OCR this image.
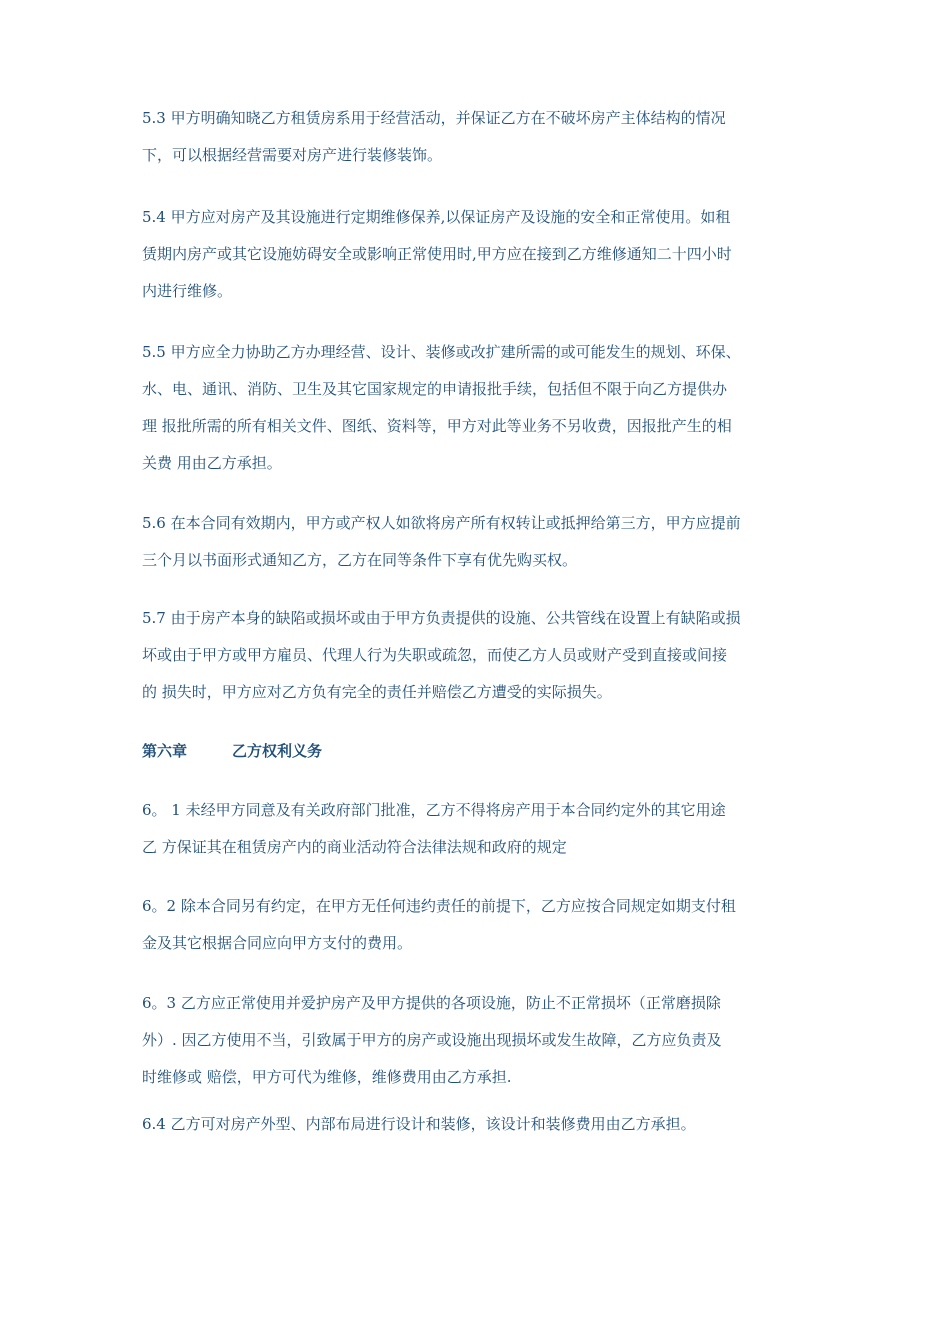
5.3 甲方明确知晓乙方租赁房系用于经营活动，并保证乙方在不破坏房产主体结构的情况
下，可以根据经营需要对房产进行装修装饰。
5.4 甲方应对房产及其设施进行定期维修保养,以保证房产及设施的安全和正常使用。如租
赁期内房产或其它设施妨碍安全或影响正常使用时,甲方应在接到乙方维修通知二十四小时
内进行维修。
5.5 甲方应全力协助乙方办理经营、设计、装修或改扩建所需的或可能发生的规划、环保、
水、电、通讯、消防、卫生及其它国家规定的申请报批手续，包括但不限于向乙方提供办
理 报批所需的所有相关文件、图纸、资料等，甲方对此等业务不另收费，因报批产生的相
关费 用由乙方承担。
5.6 在本合同有效期内，甲方或产权人如欲将房产所有权转让或抵押给第三方，甲方应提前
三个月以书面形式通知乙方，乙方在同等条件下享有优先购买权。
5.7 由于房产本身的缺陷或损坏或由于甲方负责提供的设施、公共管线在设置上有缺陷或损
坏或由于甲方或甲方雇员、代理人行为失职或疏忽，而使乙方人员或财产受到直接或间接
的 损失时，甲方应对乙方负有完全的责任并赔偿乙方遭受的实际损失。
第六章	乙方权利义务
6。 1 未经甲方同意及有关政府部门批准，乙方不得将房产用于本合同约定外的其它用途
乙 方保证其在租赁房产内的商业活动符合法律法规和政府的规定
6。2 除本合同另有约定，在甲方无任何违约责任的前提下，乙方应按合同规定如期支付租
金及其它根据合同应向甲方支付的费用。
6。3 乙方应正常使用并爱护房产及甲方提供的各项设施，防止不正常损坏（正常磨损除
外）. 因乙方使用不当，引致属于甲方的房产或设施出现损坏或发生故障，乙方应负责及
时维修或 赔偿，甲方可代为维修，维修费用由乙方承担.
6.4 乙方可对房产外型、内部布局进行设计和装修，该设计和装修费用由乙方承担。
